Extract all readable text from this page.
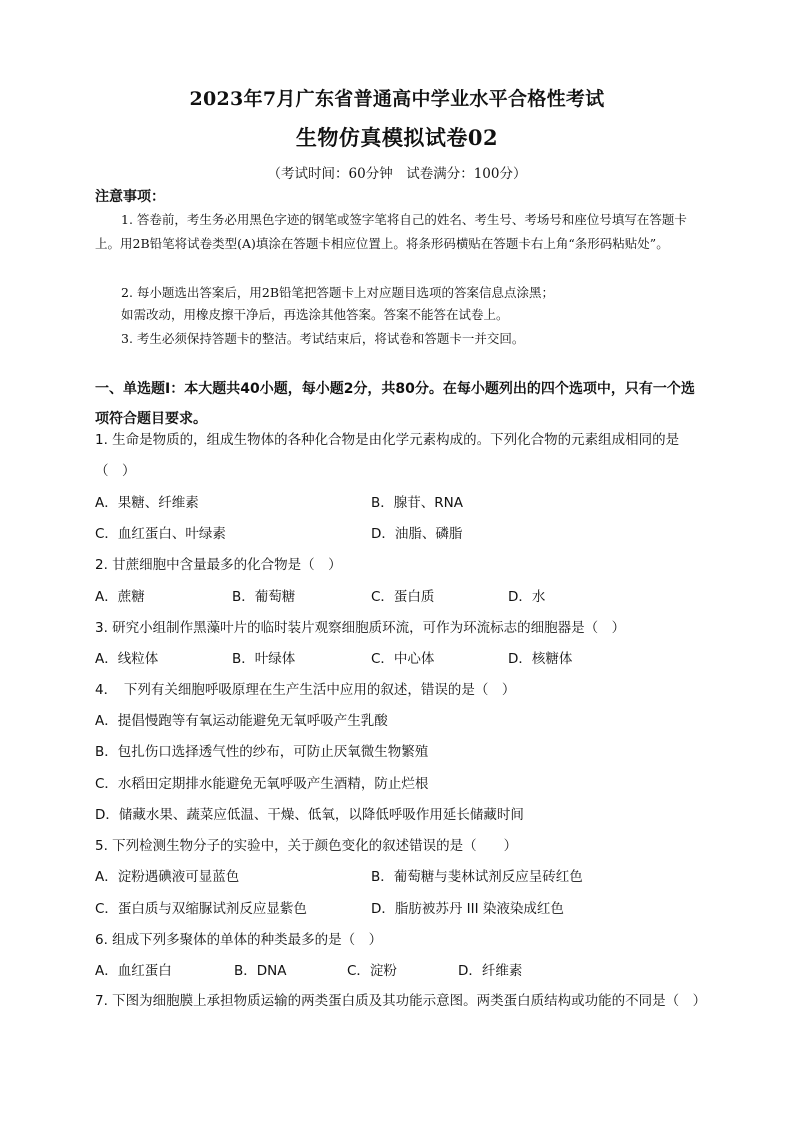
2023年7月广东省普通高中学业水平合格性考试
生物仿真模拟试卷02
（考试时间：60分钟　试卷满分：100分）
注意事项：
1. 答卷前，考生务必用黑色字迹的钢笔或签字笔将自己的姓名、考生号、考场号和座位号填写在答题卡上。用2B铅笔将试卷类型(A)填涂在答题卡相应位置上。将条形码横贴在答题卡右上角“条形码粘贴处”。
2. 每小题选出答案后，用2B铅笔把答题卡上对应题目选项的答案信息点涂黑；
如需改动，用橡皮擦干净后，再选涂其他答案。答案不能答在试卷上。
3. 考生必须保持答题卡的整洁。考试结束后，将试卷和答题卡一并交回。
一、单选题I：本大题共40小题，每小题2分，共80分。在每小题列出的四个选项中，只有一个选项符合题目要求。
1. 生命是物质的，组成生物体的各种化合物是由化学元素构成的。下列化合物的元素组成相同的是（　）
A．果糖、纤维素	B．腺苷、RNA
C．血红蛋白、叶绿素	D．油脂、磷脂
2. 甘蔗细胞中含量最多的化合物是（　）
A．蔗糖	B．葡萄糖	C．蛋白质	D．水
3. 研究小组制作黑藻叶片的临时装片观察细胞质环流，可作为环流标志的细胞器是（　）
A．线粒体	B．叶绿体	C．中心体	D．核糖体
4．　下列有关细胞呼吸原理在生产生活中应用的叙述，错误的是（　）
A．提倡慢跑等有氧运动能避免无氧呼吸产生乳酸
B．包扎伤口选择透气性的纱布，可防止厌氧微生物繁殖
C．水稻田定期排水能避免无氧呼吸产生酒精，防止烂根
D．储藏水果、蔬菜应低温、干燥、低氧，以降低呼吸作用延长储藏时间
5. 下列检测生物分子的实验中，关于颜色变化的叙述错误的是（　　）
A．淀粉遇碘液可显蓝色	B．葡萄糖与斐林试剂反应呈砖红色
C．蛋白质与双缩脲试剂反应显紫色	D．脂肪被苏丹 III 染液染成红色
6. 组成下列多聚体的单体的种类最多的是（　）
A．血红蛋白	B．DNA	C．淀粉	D．纤维素
7. 下图为细胞膜上承担物质运输的两类蛋白质及其功能示意图。两类蛋白质结构或功能的不同是（　）
